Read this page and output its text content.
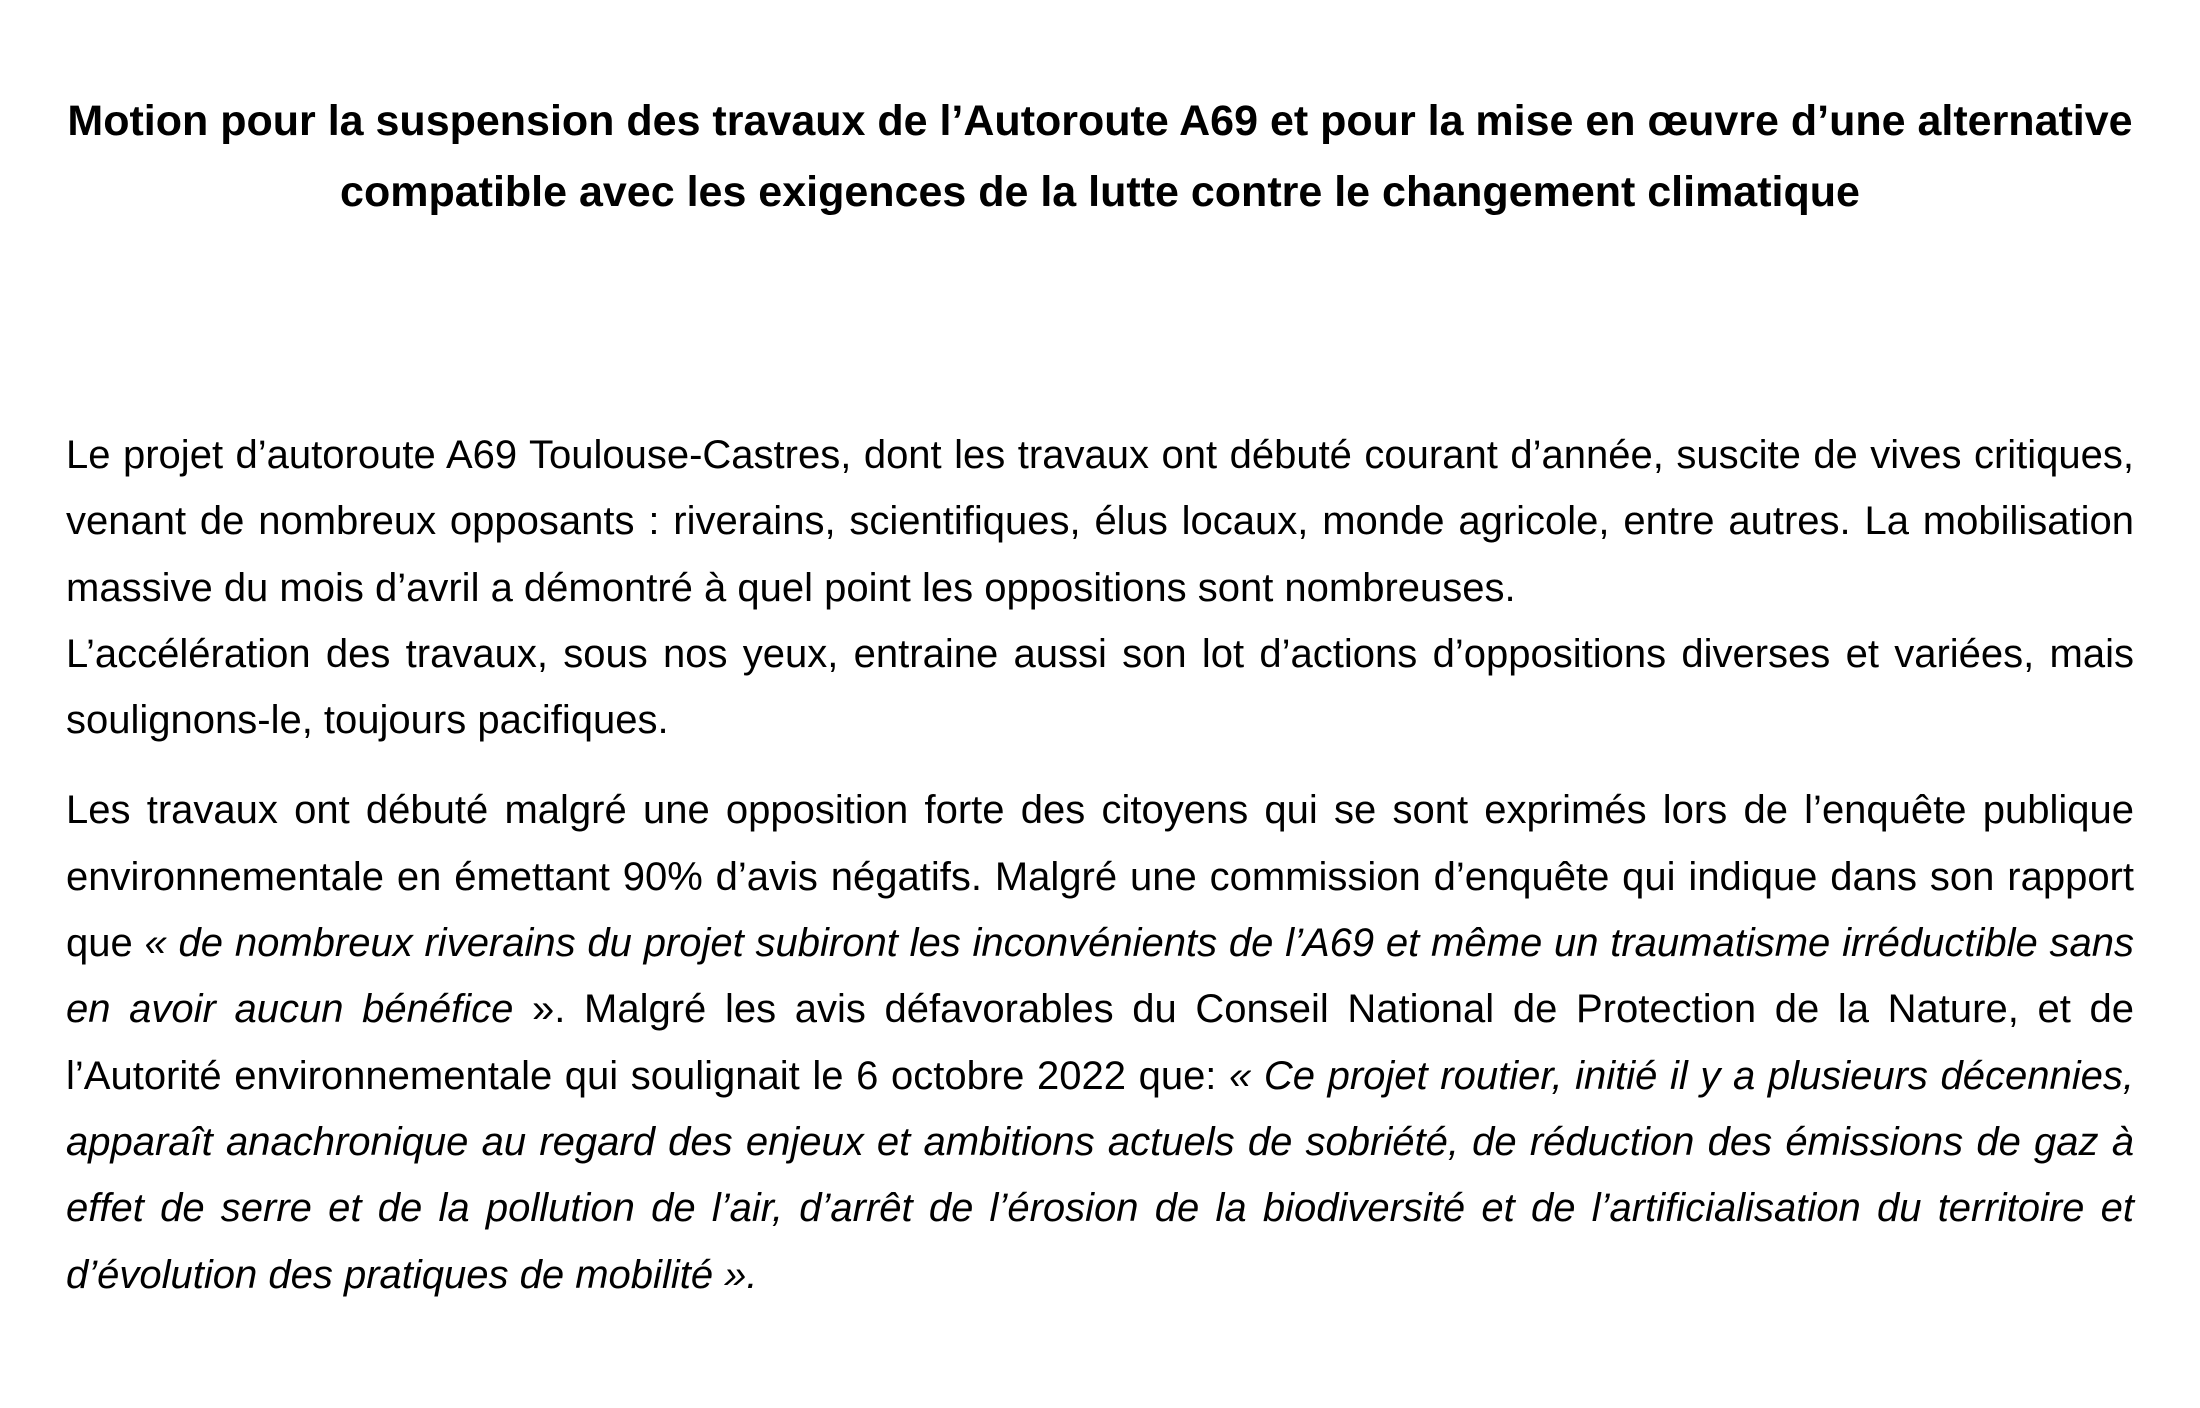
Motion pour la suspension des travaux de l’Autoroute A69 et pour la mise en œuvre d’une alternative compatible avec les exigences de la lutte contre le changement climatique

Le projet d’autoroute A69 Toulouse-Castres, dont les travaux ont débuté courant d’année, suscite de vives critiques, venant de nombreux opposants : riverains, scientifiques, élus locaux, monde agricole, entre autres. La mobilisation massive du mois d’avril a démontré à quel point les oppositions sont nombreuses.

L’accélération des travaux, sous nos yeux, entraine aussi son lot d’actions d’oppositions diverses et variées, mais soulignons-le, toujours pacifiques.

Les travaux ont débuté malgré une opposition forte des citoyens qui se sont exprimés lors de l’enquête publique environnementale en émettant 90% d’avis négatifs. Malgré une commission d’enquête qui indique dans son rapport que « de nombreux riverains du projet subiront les inconvénients de l’A69 et même un traumatisme irréductible sans en avoir aucun bénéfice ». Malgré les avis défavorables du Conseil National de Protection de la Nature, et de l’Autorité environnementale qui soulignait le 6 octobre 2022 que: « Ce projet routier, initié il y a plusieurs décennies, apparaît anachronique au regard des enjeux et ambitions actuels de sobriété, de réduction des émissions de gaz à effet de serre et de la pollution de l’air, d’arrêt de l’érosion de la biodiversité et de l’artificialisation du territoire et d’évolution des pratiques de mobilité ».
